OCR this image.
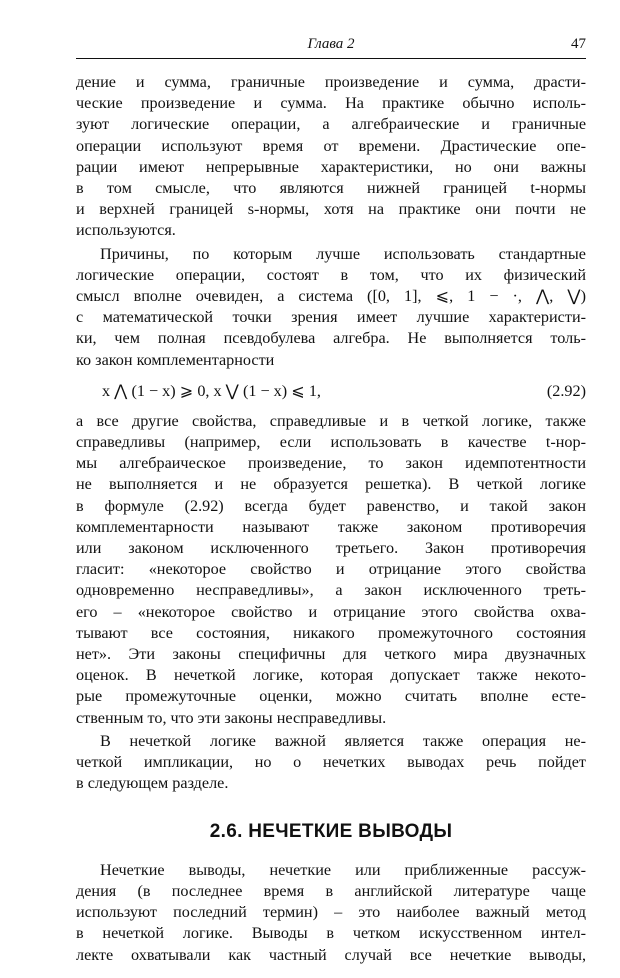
Глава 2	47
дение и сумма, граничные произведение и сумма, драсти-
ческие произведение и сумма. На практике обычно исполь-
зуют логические операции, а алгебраические и граничные
операции используют время от времени. Драстические опе-
рации имеют непрерывные характеристики, но они важны
в том смысле, что являются нижней границей t-нормы
и верхней границей s-нормы, хотя на практике они почти не
используются.
Причины, по которым лучше использовать стандартные
логические операции, состоят в том, что их физический
смысл вполне очевиден, а система ([0, 1], ⩽, 1 − ·, ⋀, ⋁)
с математической точки зрения имеет лучшие характеристи-
ки, чем полная псевдобулева алгебра. Не выполняется толь-
ко закон комплементарности
x ⋀ (1 − x) ⩾ 0, x ⋁ (1 − x) ⩽ 1,	(2.92)
а все другие свойства, справедливые и в четкой логике, также
справедливы (например, если использовать в качестве t-нор-
мы алгебраическое произведение, то закон идемпотентности
не выполняется и не образуется решетка). В четкой логике
в формуле (2.92) всегда будет равенство, и такой закон
комплементарности называют также законом противоречия
или законом исключенного третьего. Закон противоречия
гласит: «некоторое свойство и отрицание этого свойства
одновременно несправедливы», а закон исключенного треть-
его – «некоторое свойство и отрицание этого свойства охва-
тывают все состояния, никакого промежуточного состояния
нет». Эти законы специфичны для четкого мира двузначных
оценок. В нечеткой логике, которая допускает также некото-
рые промежуточные оценки, можно считать вполне есте-
ственным то, что эти законы несправедливы.
В нечеткой логике важной является также операция не-
четкой импликации, но о нечетких выводах речь пойдет
в следующем разделе.
2.6. НЕЧЕТКИЕ ВЫВОДЫ
Нечеткие выводы, нечеткие или приближенные рассуж-
дения (в последнее время в английской литературе чаще
используют последний термин) – это наиболее важный метод
в нечеткой логике. Выводы в четком искусственном интел-
лекте охватывали как частный случай все нечеткие выводы,
